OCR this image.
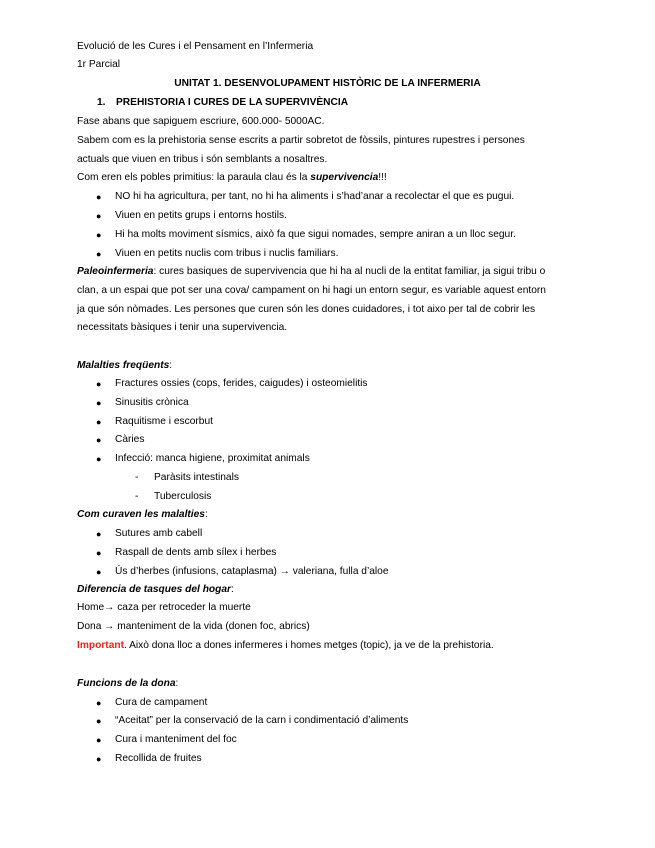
Evolució de les Cures i el Pensament en l’Infermeria
1r Parcial
UNITAT 1. DESENVOLUPAMENT HISTÒRIC DE LA INFERMERIA
1. PREHISTORIA I CURES DE LA SUPERVIVÈNCIA
Fase abans que sapiguem escriure, 600.000- 5000AC.
Sabem com es la prehistoria sense escrits a partir sobretot de fòssils, pintures rupestres i persones
actuals que viuen en tribus i són semblants a nosaltres.
Com eren els pobles primitius: la paraula clau és la supervivencia!!!
●	NO hi ha agricultura, per tant, no hi ha aliments i s’had’anar a recolectar el que es pugui.
●	Viuen en petits grups i entorns hostils.
●	Hi ha molts moviment sísmics, això fa que sigui nomades, sempre aniran a un lloc segur.
●	Viuen en petits nuclis com tribus i nuclis familiars.
Paleoinfermeria: cures basiques de supervivencia que hi ha al nucli de la entitat familiar, ja sigui tribu o
clan, a un espai que pot ser una cova/ campament on hi hagi un entorn segur, es variable aquest entorn
ja que són nòmades. Les persones que curen són les dones cuidadores, i tot aixo per tal de cobrir les
necessitats bàsiques i tenir una supervivencia.
Malalties freqüents:
●	Fractures ossies (cops, ferides, caigudes) i osteomielitis
●	Sinusitis crònica
●	Raquitisme i escorbut
●	Càries
●	Infecció: manca higiene, proximitat animals
-	Paràsits intestinals
-	Tuberculosis
Com curaven les malalties:
●	Sutures amb cabell
●	Raspall de dents amb sílex i herbes
●	Ús d’herbes (infusions, cataplasma) → valeriana, fulla d’aloe
Diferencia de tasques del hogar:
Home→ caza per retroceder la muerte
Dona → manteniment de la vida (donen foc, abrics)
Important. Això dona lloc a dones infermeres i homes metges (topic), ja ve de la prehistoria.
Funcions de la dona:
●	Cura de campament
●	“Aceitat” per la conservació de la carn i condimentació d’aliments
●	Cura i manteniment del foc
●	Recollida de fruites
